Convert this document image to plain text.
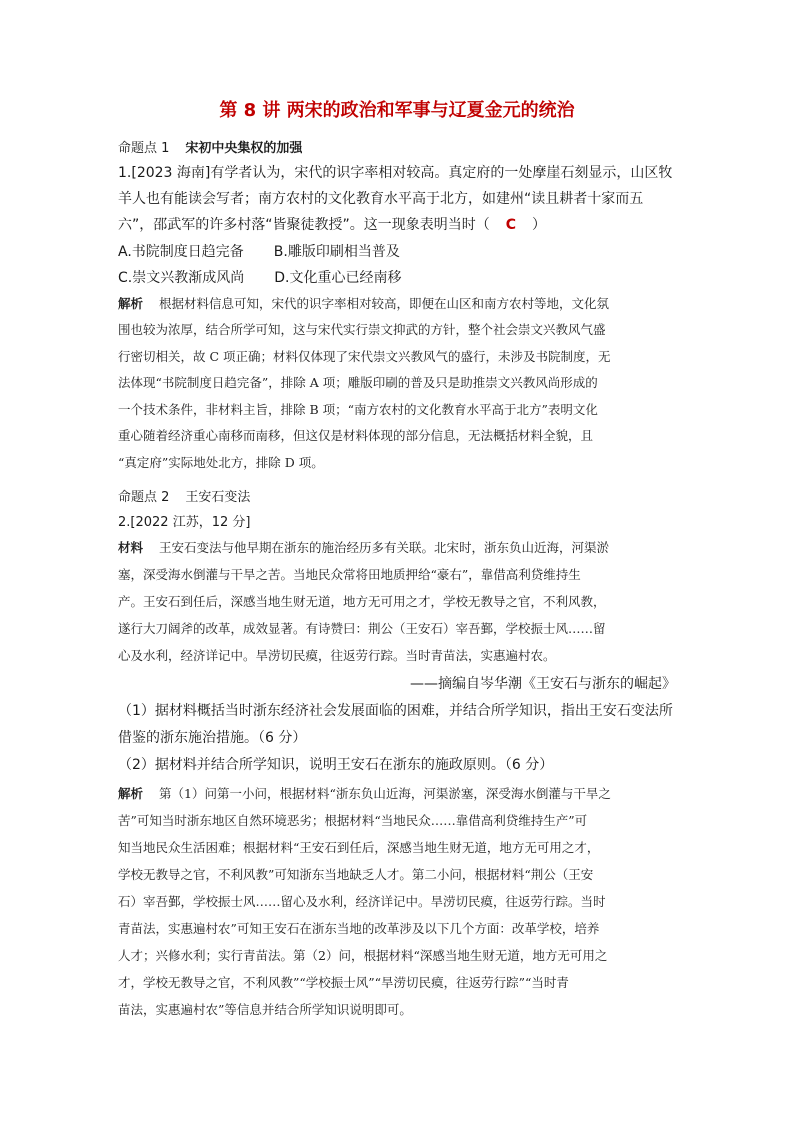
第 8 讲 两宋的政治和军事与辽夏金元的统治
命题点 1 宋初中央集权的加强
1.[2023 海南]有学者认为，宋代的识字率相对较高。真定府的一处摩崖石刻显示，山区牧
羊人也有能读会写者；南方农村的文化教育水平高于北方，如建州“读且耕者十家而五
六”，邵武军的许多村落“皆聚徒教授”。这一现象表明当时（ C ）
A.书院制度日趋完备 B.雕版印刷相当普及
C.崇文兴教渐成风尚 D.文化重心已经南移
解析 根据材料信息可知，宋代的识字率相对较高，即便在山区和南方农村等地，文化氛
围也较为浓厚，结合所学可知，这与宋代实行崇文抑武的方针，整个社会崇文兴教风气盛
行密切相关，故 C 项正确；材料仅体现了宋代崇文兴教风气的盛行，未涉及书院制度，无
法体现“书院制度日趋完备”，排除 A 项；雕版印刷的普及只是助推崇文兴教风尚形成的
一个技术条件，非材料主旨，排除 B 项；“南方农村的文化教育水平高于北方”表明文化
重心随着经济重心南移而南移，但这仅是材料体现的部分信息，无法概括材料全貌，且
“真定府”实际地处北方，排除 D 项。
命题点 2 王安石变法
2.[2022 江苏，12 分]
材料 王安石变法与他早期在浙东的施治经历多有关联。北宋时，浙东负山近海，河渠淤
塞，深受海水倒灌与干旱之苦。当地民众常将田地质押给“豪右”，靠借高利贷维持生
产。王安石到任后，深感当地生财无道，地方无可用之才，学校无教导之官，不利风教，
遂行大刀阔斧的改革，成效显著。有诗赞曰：荆公（王安石）宰吾鄞，学校振士风……留
心及水利，经济详记中。旱涝切民瘼，往返劳行踪。当时青苗法，实惠遍村农。
——摘编自岑华潮《王安石与浙东的崛起》
（1）据材料概括当时浙东经济社会发展面临的困难，并结合所学知识，指出王安石变法所
借鉴的浙东施治措施。（6 分）
（2）据材料并结合所学知识，说明王安石在浙东的施政原则。（6 分）
解析 第（1）问第一小问，根据材料“浙东负山近海，河渠淤塞，深受海水倒灌与干旱之
苦”可知当时浙东地区自然环境恶劣；根据材料“当地民众……靠借高利贷维持生产”可
知当地民众生活困难；根据材料“王安石到任后，深感当地生财无道，地方无可用之才，
学校无教导之官，不利风教”可知浙东当地缺乏人才。第二小问，根据材料“荆公（王安
石）宰吾鄞，学校振士风……留心及水利，经济详记中。旱涝切民瘼，往返劳行踪。当时
青苗法，实惠遍村农”可知王安石在浙东当地的改革涉及以下几个方面：改革学校，培养
人才；兴修水利；实行青苗法。第（2）问，根据材料“深感当地生财无道，地方无可用之
才，学校无教导之官，不利风教”“学校振士风”“旱涝切民瘼，往返劳行踪”“当时青
苗法，实惠遍村农”等信息并结合所学知识说明即可。
